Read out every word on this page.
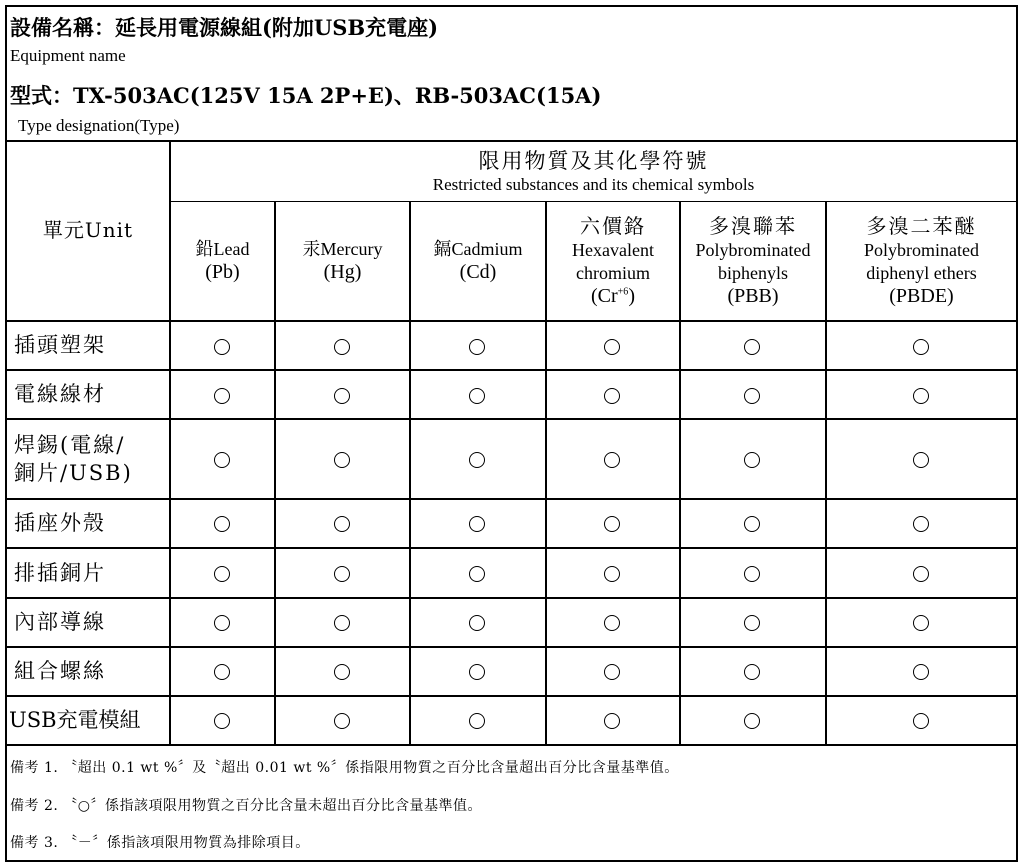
設備名稱：延長用電源線組(附加USB充電座)
Equipment name
型式：TX-503AC(125V 15A 2P+E)、RB-503AC(15A)
Type designation(Type)
單元Unit
限用物質及其化學符號
Restricted substances and its chemical symbols
鉛Lead
(Pb)
汞Mercury
(Hg)
鎘Cadmium
(Cd)
六價鉻
Hexavalent
chromium
$(Cr^{+6})$
多溴聯苯
Polybrominated
biphenyls
(PBB)
多溴二苯醚
Polybrominated
diphenyl ethers
(PBDE)
插頭塑架
電線線材
焊錫(電線/
銅片/USB)
插座外殼
排插銅片
內部導線
組合螺絲
USB充電模組
備考 1. 〝超出 0.1 wt %〞及〝超出 0.01 wt %〞係指限用物質之百分比含量超出百分比含量基準值。
備考 2. 〝○〞係指該項限用物質之百分比含量未超出百分比含量基準值。
備考 3. 〝－〞係指該項限用物質為排除項目。
